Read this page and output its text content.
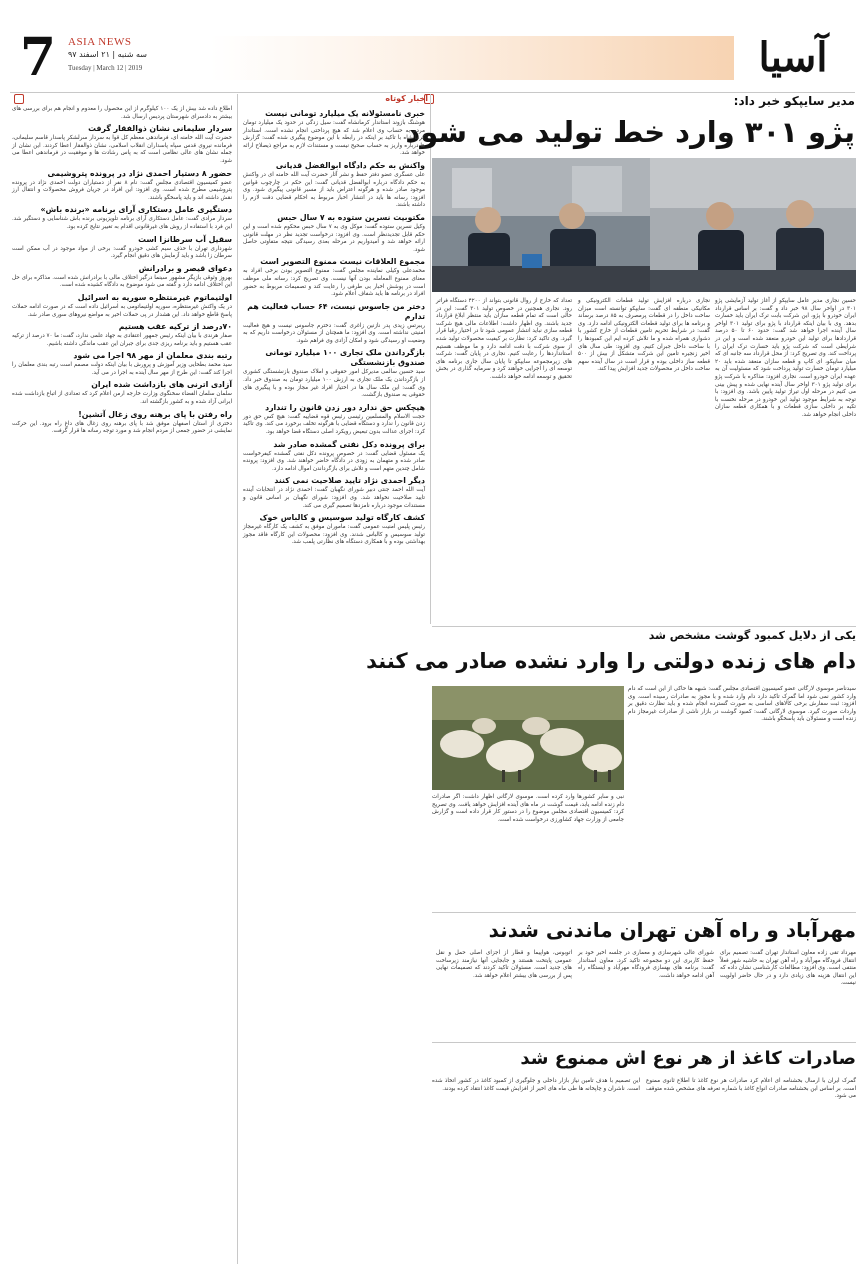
7	ASIA NEWS
سه شنبه | ۲۱ اسفند ۹۷
Tuesday | March 12 | 2019	آسیا
اخبار کوتاه	مدیر سایپکو خبر داد:
پژو ۳۰۱ وارد خط تولید می شود

حسین نجاری مدیر عامل سایپکو از آغاز تولید آزمایشی پژو ۳۰۱ در اواخر سال ۹۸ خبر داد و گفت: بر اساس قرارداد ایران خودرو با پژو، این شرکت بابت ترک ایران باید خسارت بدهد. وی با بیان اینکه قرارداد با پژو برای تولید ۳۰۱ اواخر سال آینده اجرا خواهد شد گفت: حدود ۶۰ تا ۵۰ درصد قراردادها برای تولید این خودرو منعقد شده است و این در شرایطی است که شرکت پژو باید خسارت ترک ایران را پرداخت کند. وی تصریح کرد: از محل قرارداد سه جانبه ای که میان سایپکو، ای کاپ و قطعه سازان منعقد شده باید ۲۰ میلیارد تومان خسارت تولید پرداخت شود که مسئولیت آن به عهده ایران خودرو است. نجاری افزود: مذاکره با شرکت پژو برای تولید پژو ۳۰۱ اواخر سال آینده نهایی شده و پیش بینی می کنیم در مرحله اول تیراژ تولید پایین باشد. وی افزود: با توجه به شرایط موجود تولید این خودرو در مرحله نخست با تکیه بر داخلی سازی قطعات و با همکاری قطعه سازان داخلی انجام خواهد شد.

نجاری درباره افزایش تولید قطعات الکترونیکی و مکانیکی منطقه ای گفت: سایپکو توانسته است میزان ساخت داخل را در قطعات پرمصرف به ۸۵ درصد برساند و برنامه ها برای تولید قطعات الکترونیکی ادامه دارد. وی گفت: در شرایط تحریم تامین قطعات از خارج کشور با دشواری همراه شده و ما تلاش کرده ایم این کمبودها را با ساخت داخل جبران کنیم. وی افزود: طی سال های اخیر زنجیره تامین این شرکت متشکل از بیش از ۵۰۰ قطعه ساز داخلی بوده و قرار است در سال آینده سهم ساخت داخل در محصولات جدید افزایش پیدا کند.

تعداد که خارج از روال قانونی بتواند از ۴۲۰۰ دستگاه فراتر رود. نجاری همچنین در خصوص تولید ۳۰۱ گفت: این در حالی است که تمام قطعه سازان باید منتظر ابلاغ قرارداد جدید باشند. وی اظهار داشت: اطلاعات مالی هیچ شرکت قطعه سازی نباید انتشار عمومی شود تا در اختیار رقبا قرار گیرد. وی تاکید کرد: نظارت بر کیفیت محصولات تولید شده از سوی شرکت با دقت ادامه دارد و ما موظف هستیم استانداردها را رعایت کنیم. نجاری در پایان گفت: شرکت های زیرمجموعه سایپکو تا پایان سال جاری برنامه های توسعه ای را اجرایی خواهند کرد و سرمایه گذاری در بخش تحقیق و توسعه ادامه خواهد داشت.

خبری نامسئولانه یک میلیارد تومانی نیست

هوشنگ بازوند استاندار کرمانشاه گفت: سیل زدگی در حدود یک میلیارد تومان مردم به حساب وی اعلام شد که هیچ پرداختی انجام نشده است. استاندار کرمانشاه با تاکید بر اینکه در رابطه با این موضوع پیگیری شده گفت: گزارش ها درباره واریز به حساب صحیح نیست و مستندات لازم به مراجع ذیصلاح ارائه خواهد شد.

واکنش به حکم دادگاه ابوالفضل قدیانی

علی عسگری عضو دفتر حفظ و نشر آثار حضرت آیت الله خامنه ای در واکنش به حکم دادگاه درباره ابوالفضل قدیانی گفت: این حکم در چارچوب قوانین موجود صادر شده و هرگونه اعتراض باید از مسیر قانونی پیگیری شود. وی افزود: رسانه ها باید در انتشار اخبار مربوط به احکام قضایی دقت لازم را داشته باشند.

مکتوبیت نسرین ستوده به ۷ سال حبس

وکیل نسرین ستوده گفت: موکل وی به ۷ سال حبس محکوم شده است و این حکم قابل تجدیدنظر است. وی افزود: درخواست تجدید نظر در مهلت قانونی ارائه خواهد شد و امیدواریم در مرحله بعدی رسیدگی نتیجه متفاوتی حاصل شود.

مجموع العلاقات نیست ممنوع التصویر است

محمدعلی وکیلی نماینده مجلس گفت: ممنوع التصویر بودن برخی افراد به معنای ممنوع المعامله بودن آنها نیست. وی تصریح کرد: رسانه ملی موظف است در پوشش اخبار بی طرفی را رعایت کند و تصمیمات مربوط به حضور افراد در برنامه ها باید شفاف اعلام شود.

دختر من جاسوس نیست، ۶۴ حساب فعالیت هم تدارم

ریبرتس زیدی پدر نازنین زاغری گفت: دخترم جاسوس نیست و هیچ فعالیت امنیتی نداشته است. وی افزود: ما همچنان از مسئولان درخواست داریم که به وضعیت او رسیدگی شود و امکان آزادی وی فراهم شود.

بازگرداندن ملک تجاری ۱۰۰ میلیارد تومانی صندوق بازنشستگی

سید حسین سالمی مدیرکل امور حقوقی و املاک صندوق بازنشستگی کشوری از بازگرداندن یک ملک تجاری به ارزش ۱۰۰ میلیارد تومان به صندوق خبر داد. وی گفت: این ملک سال ها در اختیار افراد غیر مجاز بوده و با پیگیری های حقوقی به صندوق بازگشت.

هیچکس حق ندارد دور زدن قانون را تندارد

حجت الاسلام والمسلمین رئیسی رئیس قوه قضاییه گفت: هیچ کس حق دور زدن قانون را ندارد و دستگاه قضایی با هرگونه تخلف برخورد می کند. وی تاکید کرد: اجرای عدالت بدون تبعیض رویکرد اصلی دستگاه قضا خواهد بود.

برای پرونده دکل نفتی گمشده صادر شد

یک مسئول قضایی گفت: در خصوص پرونده دکل نفتی گمشده کیفرخواست صادر شده و متهمان به زودی در دادگاه حاضر خواهند شد. وی افزود: پرونده شامل چندین متهم است و تلاش برای بازگرداندن اموال ادامه دارد.

دیگر احمدی نژاد تایید صلاحیت نمی کنند

آیت الله احمد جنتی دبیر شورای نگهبان گفت: احمدی نژاد در انتخابات آینده تایید صلاحیت نخواهد شد. وی افزود: شورای نگهبان بر اساس قانون و مستندات موجود درباره نامزدها تصمیم گیری می کند.

کشف کارگاه تولید سوسیس و کالباس خوک

رئیس پلیس امنیت عمومی گفت: ماموران موفق به کشف یک کارگاه غیرمجاز تولید سوسیس و کالباس شدند. وی افزود: محصولات این کارگاه فاقد مجوز بهداشتی بوده و با همکاری دستگاه های نظارتی پلمب شد.

اطلاع داده شد بیش از یک ۱۰۰ کیلوگرم از این محصول را معدوم و انجام هم برای بررسی های بیشتر به دادسرای شهرستان پردیس ارسال شد.

سردار سلیمانی نشان ذوالفقار گرفت

حضرت آیت الله خامنه ای، فرماندهی معظم کل قوا به سردار سرلشکر پاسدار قاسم سلیمانی، فرمانده نیروی قدس سپاه پاسداران انقلاب اسلامی، نشان ذوالفقار اعطا کردند. این نشان از جمله نشان های عالی نظامی است که به پاس رشادت ها و موفقیت در فرماندهی اعطا می شود.

حضور ۸ دستیار احمدی نژاد در پرونده پتروشیمی

عضو کمیسیون اقتصادی مجلس گفت: نام ۸ نفر از دستیاران دولت احمدی نژاد در پرونده پتروشیمی مطرح شده است. وی افزود: این افراد در جریان فروش محصولات و انتقال ارز نقش داشته اند و باید پاسخگو باشند.

دستگیری عامل دستکاری آرای برنامه «برنده باش»

سردار مرادی گفت: عامل دستکاری آرای برنامه تلویزیونی برنده باش شناسایی و دستگیر شد. این فرد با استفاده از روش های غیرقانونی اقدام به تغییر نتایج کرده بود.

سقیل آب سرطانزا است

شهرداری تهران با حذف سیم کشی خودرو گفت: برخی از مواد موجود در آب ممکن است سرطان زا باشد و باید آزمایش های دقیق انجام گیرد.

دعوای قیصر و برادرانش

بهروز وثوقی بازیگر مشهور سینما درگیر اختلاف مالی با برادرانش شده است. مذاکره برای حل این اختلاف ادامه دارد و گفته می شود موضوع به دادگاه کشیده شده است.

اولتیماتوم غیرمنتظره سوریه به اسرائیل

در یک واکنش غیرمنتظره، سوریه اولتیماتومی به اسرائیل داده است که در صورت ادامه حملات پاسخ قاطع خواهد داد. این هشدار در پی حملات اخیر به مواضع نیروهای سوری صادر شد.

۷۰درصد از ترکیه عقب هستیم

صفار هرندی با بیان اینکه رئیس جمهور اعتقادی به جهاد علمی ندارد، گفت: ما ۷۰ درصد از ترکیه عقب هستیم و باید برنامه ریزی جدی برای جبران این عقب ماندگی داشته باشیم.

رتبه بندی معلمان از مهر ۹۸ اجرا می شود

سید محمد بطحایی وزیر آموزش و پرورش با بیان اینکه دولت مصمم است رتبه بندی معلمان را اجرا کند گفت: این طرح از مهر سال آینده به اجرا در می آید.

آزادی اترنی های بازداشت شده ایران

سلمان سلمان الفضاء سخنگوی وزارت خارجه ارمن اعلام کرد که تعدادی از اتباع بازداشت شده ایرانی آزاد شده و به کشور بازگشته اند.

راه رفتن با پای برهنه روی زغال آتشین!

دختری از استان اصفهان موفق شد با پای برهنه روی زغال های داغ راه برود. این حرکت نمایشی در حضور جمعی از مردم انجام شد و مورد توجه رسانه ها قرار گرفت.

یکی از دلایل کمبود گوشت مشخص شد
دام های زنده دولتی را وارد نشده صادر می کنند

سیدناصر موسوی لارگانی عضو کمیسیون اقتصادی مجلس گفت: شبهه ها حاکی از این است که دام وارد کشور نمی شود اما گمرک تاکید دارد دام وارد شده و با مجوز به صادرات رسیده است. وی افزود: ثبت سفارش برخی کالاهای اساسی به صورت گسترده انجام شده و باید نظارت دقیق بر واردات صورت گیرد. موسوی لارگانی گفت: کمبود گوشت در بازار ناشی از صادرات غیرمجاز دام زنده است و مسئولان باید پاسخگو باشند.

نبی و سایر کشورها وارد کرده است. موسوی لارگانی اظهار داشت: اگر صادرات دام زنده ادامه یابد، قیمت گوشت در ماه های آینده افزایش خواهد یافت. وی تصریح کرد: کمیسیون اقتصادی مجلس موضوع را در دستور کار قرار داده است و گزارش جامعی از وزارت جهاد کشاورزی درخواست شده است.

مهرآباد و راه آهن تهران ماندنی شدند

مهرداد تقی زاده معاون استاندار تهران گفت: تصمیم برای انتقال فرودگاه مهرآباد و راه آهن تهران به حاشیه شهر فعلاً منتفی است. وی افزود: مطالعات کارشناسی نشان داده که این انتقال هزینه های زیادی دارد و در حال حاضر اولویت نیست.

شورای عالی شهرسازی و معماری در جلسه اخیر خود بر حفظ کاربری این دو مجموعه تاکید کرد. معاون استاندار گفت: برنامه های بهسازی فرودگاه مهرآباد و ایستگاه راه آهن ادامه خواهد داشت.

اتوبوس، هواپیما و قطار از اجزای اصلی حمل و نقل عمومی پایتخت هستند و جابجایی آنها نیازمند زیرساخت های جدید است. مسئولان تاکید کردند که تصمیمات نهایی پس از بررسی های بیشتر اعلام خواهد شد.

صادرات کاغذ از هر نوع اش ممنوع شد

گمرک ایران با ارسال بخشنامه ای اعلام کرد صادرات هر نوع کاغذ تا اطلاع ثانوی ممنوع است. بر اساس این بخشنامه صادرات انواع کاغذ با شماره تعرفه های مشخص شده متوقف می شود.

این تصمیم با هدف تامین نیاز بازار داخلی و جلوگیری از کمبود کاغذ در کشور اتخاذ شده است. ناشران و چاپخانه ها طی ماه های اخیر از افزایش قیمت کاغذ انتقاد کرده بودند.
